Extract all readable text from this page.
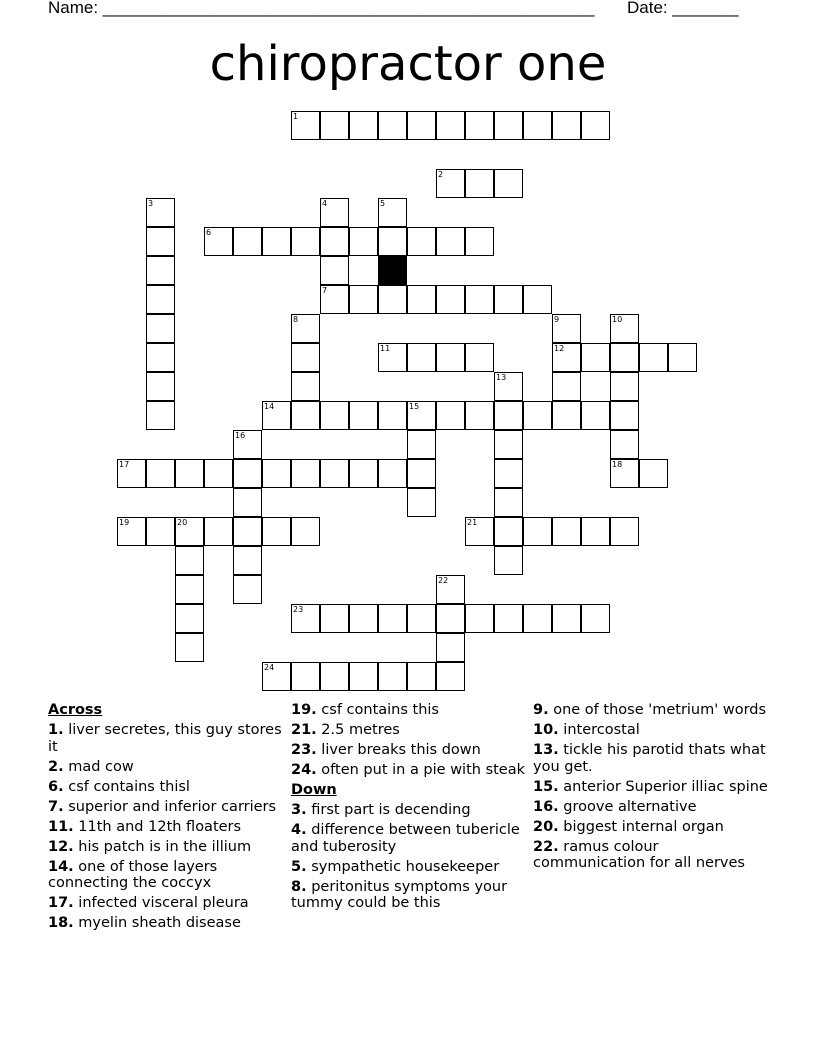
Name: ____________________________________________________ Date: _______
chiropractor one
1
2
3	4
7
5
6
8	9
12
10
18
11
13
14	15
16
17
19	20	21
22
23
24
Across
1. liver secretes, this guy stores it
2. mad cow
6. csf contains thisl
7. superior and inferior carriers
11. 11th and 12th floaters
12. his patch is in the illium
14. one of those layers connecting the coccyx
17. infected visceral pleura
18. myelin sheath disease
19. csf contains this
21. 2.5 metres
23. liver breaks this down
24. often put in a pie with steak
Down
3. first part is decending
4. difference between tubericle and tuberosity
5. sympathetic housekeeper
8. peritonitus symptoms your tummy could be this
9. one of those 'metrium' words
10. intercostal
13. tickle his parotid thats what you get.
15. anterior Superior illiac spine
16. groove alternative
20. biggest internal organ
22. ramus colour communication for all nerves
